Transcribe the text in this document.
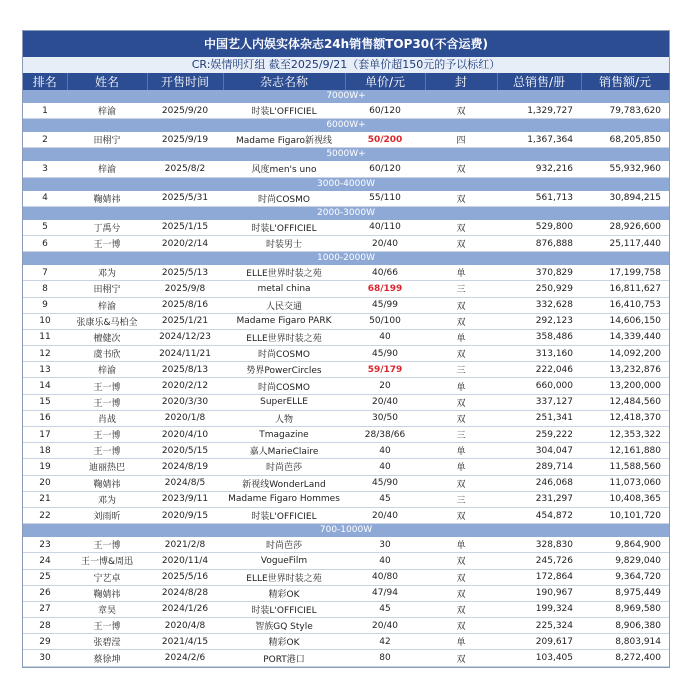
中国艺人内娱实体杂志24h销售额TOP30(不含运费)
CR:娱情明灯组 截至2025/9/21（套单价超150元的予以标红）
排名	姓名	开售时间	杂志名称	单价/元	封	总销售/册	销售额/元
7000W+							
1	梓渝	2025/9/20	时装L'OFFICIEL	60/120	双	1,329,727	79,783,620
6000W+							
2	田栩宁	2025/9/19	Madame Figaro新视线	50/200	四	1,367,364	68,205,850
5000W+							
3	梓渝	2025/8/2	风度men's uno	60/120	双	932,216	55,932,960
3000-4000W							
4	鞠婧祎	2025/5/31	时尚COSMO	55/110	双	561,713	30,894,215
2000-3000W							
5	丁禹兮	2025/1/15	时装L'OFFICIEL	40/110	双	529,800	28,926,600
6	王一博	2020/2/14	时装男士	20/40	双	876,888	25,117,440
1000-2000W							
7	邓为	2025/5/13	ELLE世界时装之苑	40/66	单	370,829	17,199,758
8	田栩宁	2025/9/8	metal china	68/199	三	250,929	16,811,627
9	梓渝	2025/8/16	人民交通	45/99	双	332,628	16,410,753
10	张康乐&马柏全	2025/1/21	Madame Figaro PARK	50/100	双	292,123	14,606,150
11	檀健次	2024/12/23	ELLE世界时装之苑	40	单	358,486	14,339,440
12	虞书欣	2024/11/21	时尚COSMO	45/90	双	313,160	14,092,200
13	梓渝	2025/8/13	势界PowerCircles	59/179	三	222,046	13,232,876
14	王一博	2020/2/12	时尚COSMO	20	单	660,000	13,200,000
15	王一博	2020/3/30	SuperELLE	20/40	双	337,127	12,484,560
16	肖战	2020/1/8	人物	30/50	双	251,341	12,418,370
17	王一博	2020/4/10	Tmagazine	28/38/66	三	259,222	12,353,322
18	王一博	2020/5/15	嘉人MarieClaire	40	单	304,047	12,161,880
19	迪丽热巴	2024/8/19	时尚芭莎	40	单	289,714	11,588,560
20	鞠婧祎	2024/8/5	新视线WonderLand	45/90	双	246,068	11,073,060
21	邓为	2023/9/11	Madame Figaro Hommes	45	三	231,297	10,408,365
22	刘雨昕	2020/9/15	时装L'OFFICIEL	20/40	双	454,872	10,101,720
700-1000W							
23	王一博	2021/2/8	时尚芭莎	30	单	328,830	9,864,900
24	王一博&周迅	2020/11/4	VogueFilm	40	双	245,726	9,829,040
25	宁艺卓	2025/5/16	ELLE世界时装之苑	40/80	双	172,864	9,364,720
26	鞠婧祎	2024/8/28	精彩OK	47/94	双	190,967	8,975,449
27	章昊	2024/1/26	时装L'OFFICIEL	45	双	199,324	8,969,580
28	王一博	2020/4/8	智族GQ Style	20/40	双	225,324	8,906,380
29	张碧滢	2021/4/15	精彩OK	42	单	209,617	8,803,914
30	蔡徐坤	2024/2/6	PORT港口	80	双	103,405	8,272,400
